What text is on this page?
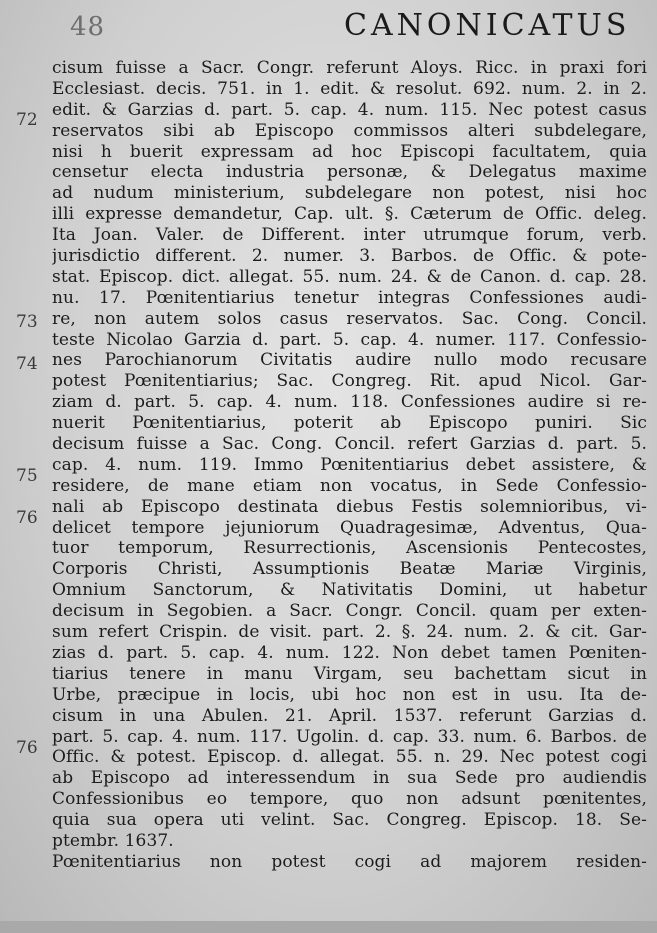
48	CANONICATUS
72
73
74
75
76
76
cisum fuisse a Sacr. Congr. referunt Aloys. Ricc. in praxi fori
Ecclesiast. decis. 751. in 1. edit. & resolut. 692. num. 2. in 2.
edit. & Garzias d. part. 5. cap. 4. num. 115. Nec potest casus
reservatos sibi ab Episcopo commissos alteri subdelegare,
nisi h buerit expressam ad hoc Episcopi facultatem, quia
censetur electa industria personæ, & Delegatus maxime
ad nudum ministerium, subdelegare non potest, nisi hoc
illi expresse demandetur, Cap. ult. §. Cæterum de Offic. deleg.
Ita Joan. Valer. de Different. inter utrumque forum, verb.
jurisdictio different. 2. numer. 3. Barbos. de Offic. & pote-
stat. Episcop. dict. allegat. 55. num. 24. & de Canon. d. cap. 28.
nu. 17. Pœnitentiarius tenetur integras Confessiones audi-
re, non autem solos casus reservatos. Sac. Cong. Concil.
teste Nicolao Garzia d. part. 5. cap. 4. numer. 117. Confessio-
nes Parochianorum Civitatis audire nullo modo recusare
potest Pœnitentiarius; Sac. Congreg. Rit. apud Nicol. Gar-
ziam d. part. 5. cap. 4. num. 118. Confessiones audire si re-
nuerit Pœnitentiarius, poterit ab Episcopo puniri. Sic
decisum fuisse a Sac. Cong. Concil. refert Garzias d. part. 5.
cap. 4. num. 119. Immo Pœnitentiarius debet assistere, &
residere, de mane etiam non vocatus, in Sede Confessio-
nali ab Episcopo destinata diebus Festis solemnioribus, vi-
delicet tempore jejuniorum Quadragesimæ, Adventus, Qua-
tuor temporum, Resurrectionis, Ascensionis Pentecostes,
Corporis Christi, Assumptionis Beatæ Mariæ Virginis,
Omnium Sanctorum, & Nativitatis Domini, ut habetur
decisum in Segobien. a Sacr. Congr. Concil. quam per exten-
sum refert Crispin. de visit. part. 2. §. 24. num. 2. & cit. Gar-
zias d. part. 5. cap. 4. num. 122. Non debet tamen Pœniten-
tiarius tenere in manu Virgam, seu bachettam sicut in
Urbe, præcipue in locis, ubi hoc non est in usu. Ita de-
cisum in una Abulen. 21. April. 1537. referunt Garzias d.
part. 5. cap. 4. num. 117. Ugolin. d. cap. 33. num. 6. Barbos. de
Offic. & potest. Episcop. d. allegat. 55. n. 29. Nec potest cogi
ab Episcopo ad interessendum in sua Sede pro audiendis
Confessionibus eo tempore, quo non adsunt pœnitentes,
quia sua opera uti velint. Sac. Congreg. Episcop. 18. Se-
ptembr. 1637.
Pœnitentiarius non potest cogi ad majorem residen-
